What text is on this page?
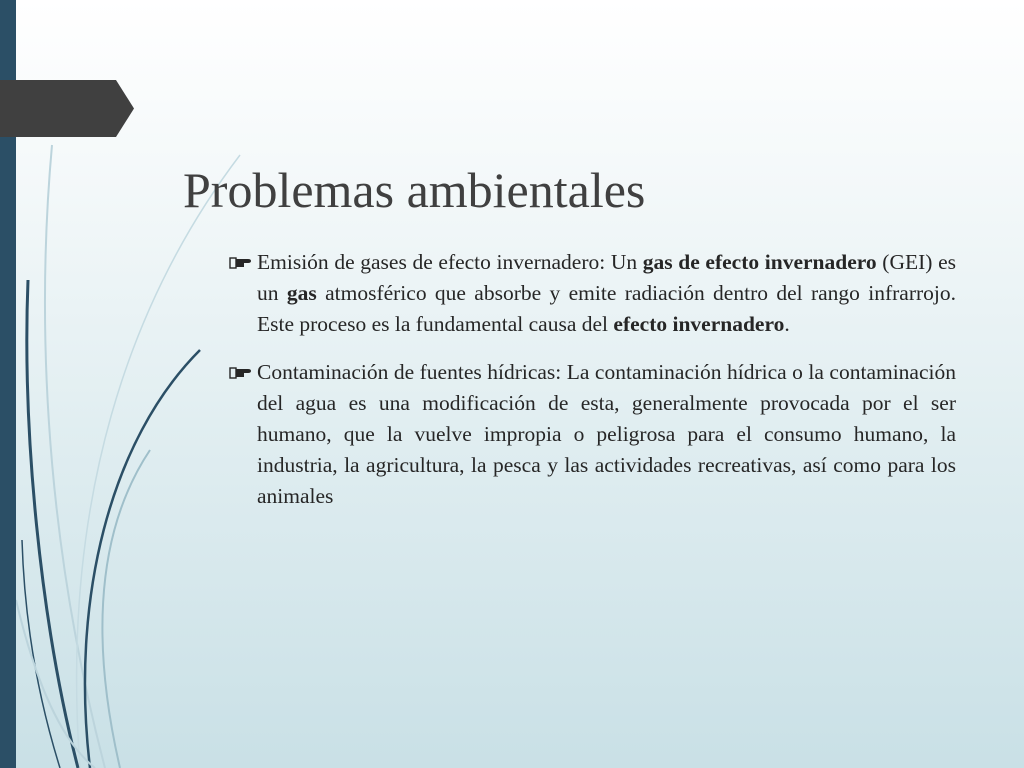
Problemas ambientales
Emisión de gases de efecto invernadero: Un gas de efecto invernadero (GEI) es un gas atmosférico que absorbe y emite radiación dentro del rango infrarrojo. Este proceso es la fundamental causa del efecto invernadero.
Contaminación de fuentes hídricas: La contaminación hídrica o la contaminación del agua es una modificación de esta, generalmente provocada por el ser humano, que la vuelve impropia o peligrosa para el consumo humano, la industria, la agricultura, la pesca y las actividades recreativas, así como para los animales
